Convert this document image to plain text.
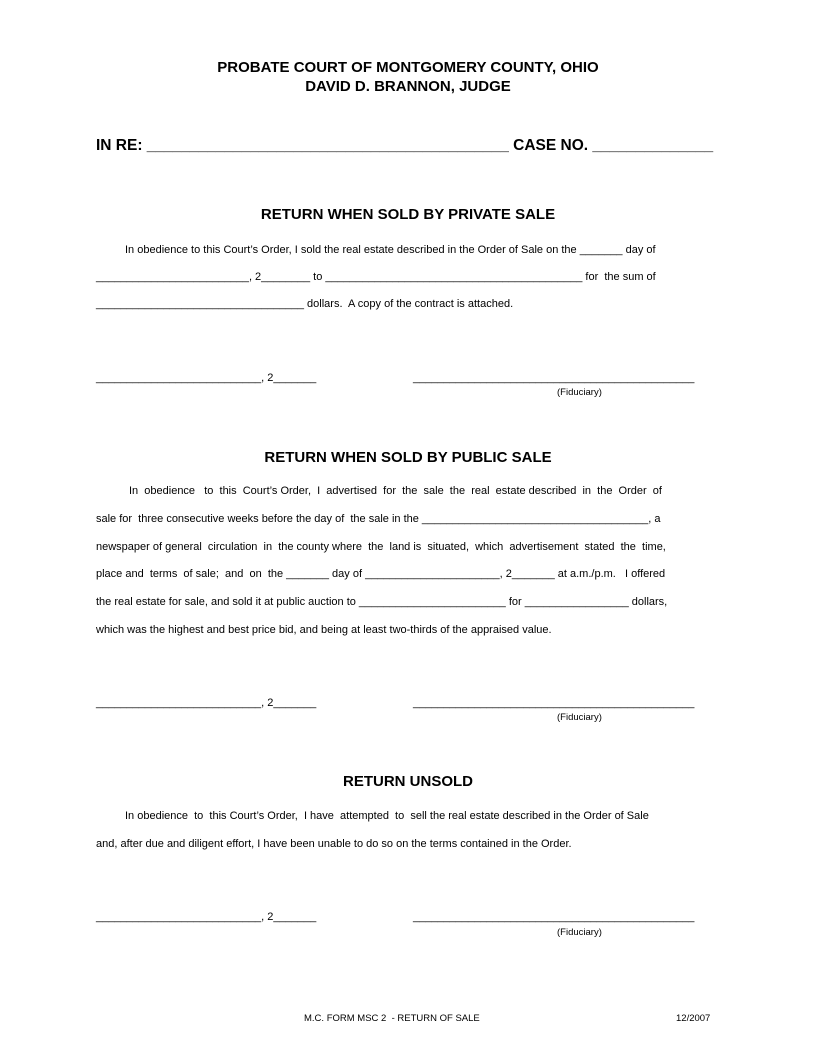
PROBATE COURT OF MONTGOMERY COUNTY, OHIO
DAVID D. BRANNON, JUDGE
IN RE: __________________________________________ CASE NO. ______________
RETURN WHEN SOLD BY PRIVATE SALE
In obedience to this Court’s Order, I sold the real estate described in the Order of Sale on the _______ day of
_________________________, 2________ to __________________________________________ for  the sum of
__________________________________ dollars.  A copy of the contract is attached.
___________________________, 2_______	______________________________________________
(Fiduciary)
RETURN WHEN SOLD BY PUBLIC SALE
In  obedience   to  this  Court’s Order,  I  advertised  for  the  sale  the  real  estate described  in  the  Order  of
sale for  three consecutive weeks before the day of  the sale in the _____________________________________, a
newspaper of general  circulation  in  the county where  the  land is  situated,  which  advertisement  stated  the  time,
place and  terms  of sale;  and  on  the _______ day of ______________________, 2_______ at a.m./p.m.   I offered
the real estate for sale, and sold it at public auction to ________________________ for _________________ dollars,
which was the highest and best price bid, and being at least two-thirds of the appraised value.
___________________________, 2_______	______________________________________________
(Fiduciary)
RETURN UNSOLD
In obedience  to  this Court’s Order,  I have  attempted  to  sell the real estate described in the Order of Sale
and, after due and diligent effort, I have been unable to do so on the terms contained in the Order.
___________________________, 2_______	______________________________________________
(Fiduciary)
M.C. FORM MSC 2  - RETURN OF SALE	12/2007
